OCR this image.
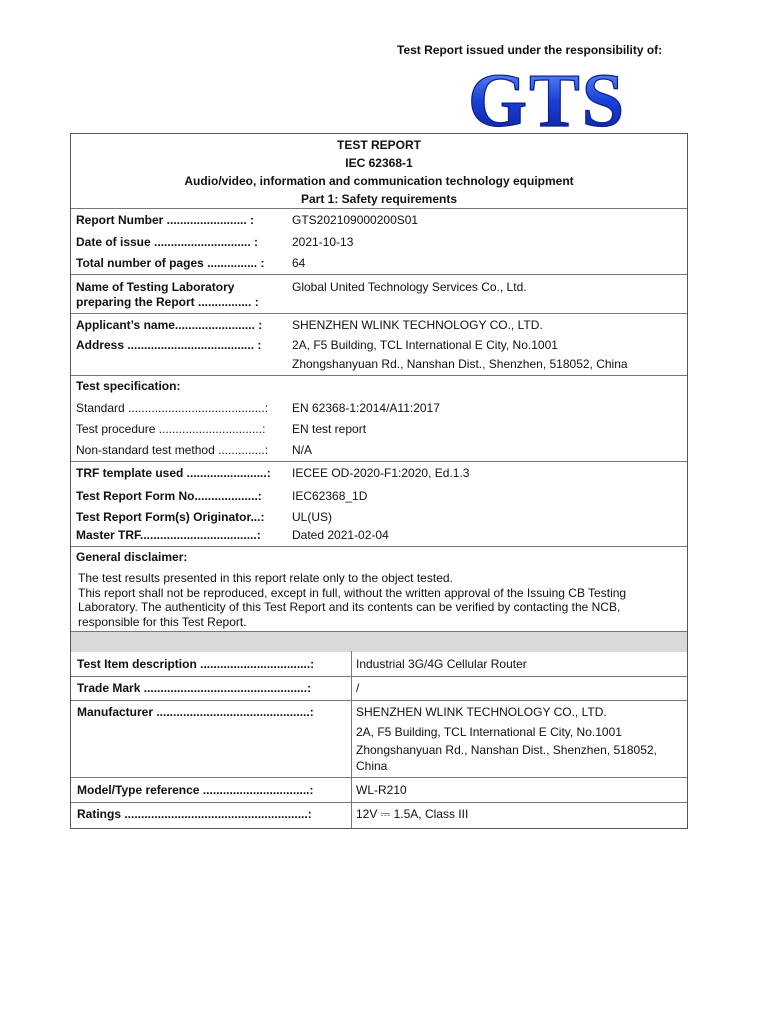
Test Report issued under the responsibility of:
GTS
TEST REPORT
IEC 62368-1
Audio/video, information and communication technology equipment
Part 1: Safety requirements
Report Number ........................ :	GTS202109000200S01
Date of issue ............................. :	2021-10-13
Total number of pages ............... : 64
Name of Testing Laboratory
preparing the Report ................ :
Global United Technology Services Co., Ltd.
Applicant’s name........................ : SHENZHEN WLINK TECHNOLOGY CO., LTD.
Address ...................................... :	2A, F5 Building, TCL International E City, No.1001
Zhongshanyuan Rd., Nanshan Dist., Shenzhen, 518052, China
Test specification:
Standard .........................................: EN 62368-1:2014/A11:2017
Test procedure ...............................: EN test report
Non-standard test method ..............: N/A
TRF template used ........................: IECEE OD-2020-F1:2020, Ed.1.3
Test Report Form No...................:	IEC62368_1D
Test Report Form(s) Originator...: UL(US)
Master TRF...................................:	Dated 2021-02-04
General disclaimer:
The test results presented in this report relate only to the object tested.
This report shall not be reproduced, except in full, without the written approval of the Issuing CB Testing
Laboratory. The authenticity of this Test Report and its contents can be verified by contacting the NCB,
responsible for this Test Report.
Test Item description .................................:	Industrial 3G/4G Cellular Router
Trade Mark .................................................:	/
Manufacturer ..............................................:	SHENZHEN WLINK TECHNOLOGY CO., LTD.
2A, F5 Building, TCL International E City, No.1001
Zhongshanyuan Rd., Nanshan Dist., Shenzhen, 518052,
China
Model/Type reference ................................:	WL-R210
Ratings .......................................................:	12V ⎓ 1.5A, Class III
